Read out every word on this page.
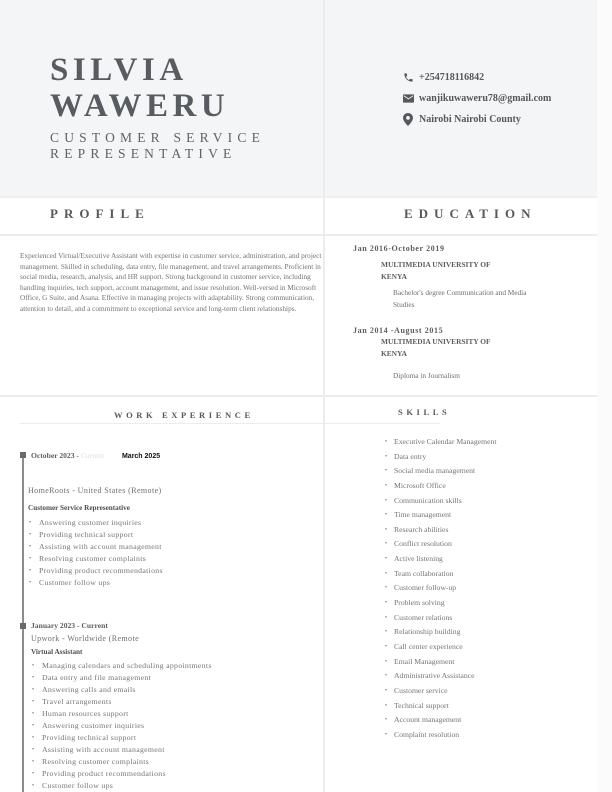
SILVIA
WAWERU
CUSTOMER SERVICE
REPRESENTATIVE
+254718116842
wanjikuwaweru78@gmail.com
Nairobi Nairobi County
PROFILE
Experienced Virtual/Executive Assistant with expertise in customer service, administration, and project management. Skilled in scheduling, data entry, file management, and travel arrangements. Proficient in social media, research, analysis, and HR support. Strong background in customer service, including handling inquiries, tech support, account management, and issue resolution. Well-versed in Microsoft Office, G Suite, and Asana. Effective in managing projects with adaptability. Strong communication, attention to detail, and a commitment to exceptional service and long-term client relationships.
EDUCATION
Jan 2016-October 2019
MULTIMEDIA UNIVERSITY OF
KENYA
Bachelor's degree Communication and Media
Studies
Jan 2014 -August 2015
MULTIMEDIA UNIVERSITY OF
KENYA
Diploma in Journalism
WORK EXPERIENCE
October 2023 - Current	March 2025
HomeRoots - United States (Remote)
Customer Service Representative
• Answering customer inquiries
• Providing technical support
• Assisting with account management
• Resolving customer complaints
• Providing product recommendations
• Customer follow ups
January 2023 - Current
Upwork - Worldwide (Remote
Virtual Assistant
• Managing calendars and scheduling appointments
• Data entry and file management
• Answering calls and emails
• Travel arrangements
• Human resources support
• Answering customer inquiries
• Providing technical support
• Assisting with account management
• Resolving customer complaints
• Providing product recommendations
• Customer follow ups
SKILLS
• Executive Calendar Management
• Data entry
• Social media management
• Microsoft Office
• Communication skills
• Time management
• Research abilities
• Conflict resolution
• Active listening
• Team collaboration
• Customer follow-up
• Problem solving
• Customer relations
• Relationship building
• Call center experience
• Email Management
• Administrative Assistance
• Customer service
• Technical support
• Account management
• Complaint resolution
